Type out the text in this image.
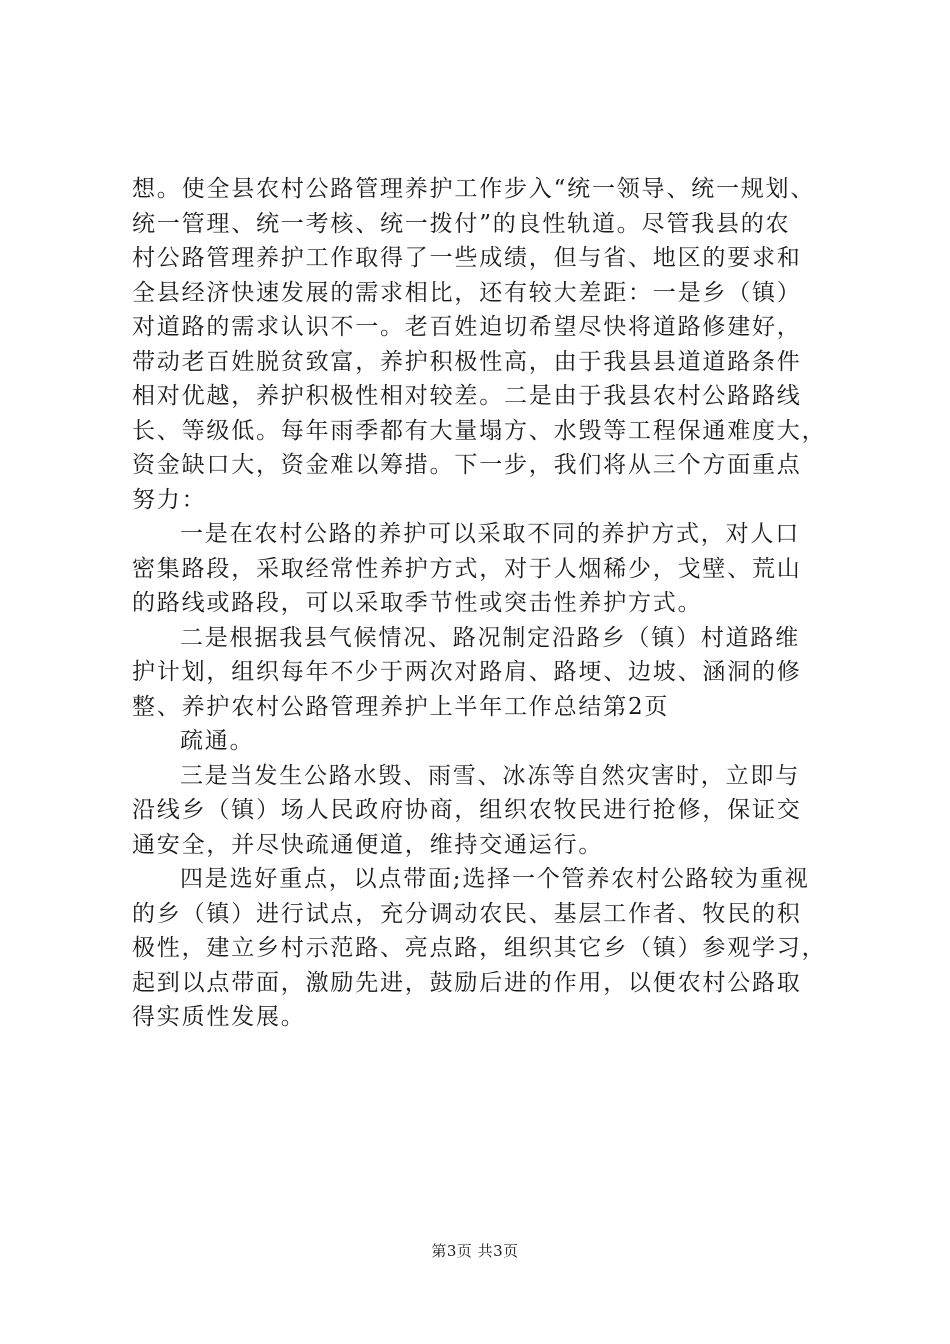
想。使全县农村公路管理养护工作步入“统一领导、统一规划、
统一管理、统一考核、统一拨付”的良性轨道。尽管我县的农
村公路管理养护工作取得了一些成绩，但与省、地区的要求和
全县经济快速发展的需求相比，还有较大差距：一是乡（镇）
对道路的需求认识不一。老百姓迫切希望尽快将道路修建好，
带动老百姓脱贫致富，养护积极性高，由于我县县道道路条件
相对优越，养护积极性相对较差。二是由于我县农村公路路线
长、等级低。每年雨季都有大量塌方、水毁等工程保通难度大，
资金缺口大，资金难以筹措。下一步，我们将从三个方面重点
努力：
一是在农村公路的养护可以采取不同的养护方式，对人口
密集路段，采取经常性养护方式，对于人烟稀少，戈壁、荒山
的路线或路段，可以采取季节性或突击性养护方式。
二是根据我县气候情况、路况制定沿路乡（镇）村道路维
护计划，组织每年不少于两次对路肩、路埂、边坡、涵洞的修
整、养护农村公路管理养护上半年工作总结第2页
疏通。
三是当发生公路水毁、雨雪、冰冻等自然灾害时，立即与
沿线乡（镇）场人民政府协商，组织农牧民进行抢修，保证交
通安全，并尽快疏通便道，维持交通运行。
四是选好重点，以点带面;选择一个管养农村公路较为重视
的乡（镇）进行试点，充分调动农民、基层工作者、牧民的积
极性，建立乡村示范路、亮点路，组织其它乡（镇）参观学习，
起到以点带面，激励先进，鼓励后进的作用，以便农村公路取
得实质性发展。
第3页 共3页
